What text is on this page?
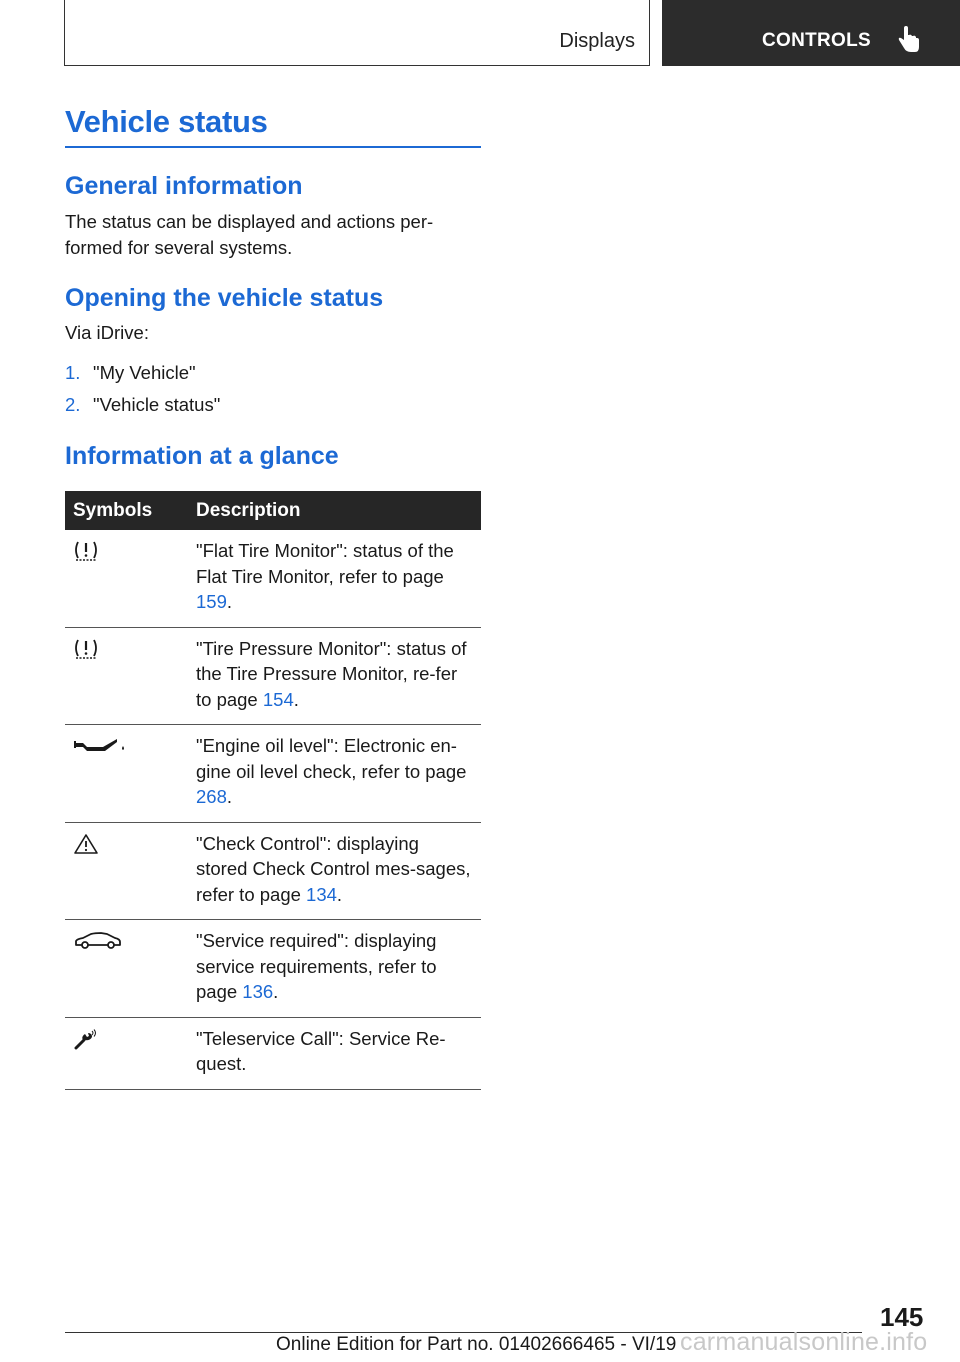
Displays	CONTROLS
Vehicle status
General information

The status can be displayed and actions per-formed for several systems.

Opening the vehicle status

Via iDrive:

1. "My Vehicle"
2. "Vehicle status"
Information at a glance
Symbols	Description

	"Flat Tire Monitor": status of the Flat Tire Monitor, refer to page 159.

	"Tire Pressure Monitor": status of the Tire Pressure Monitor, re-fer to page 154.

	"Engine oil level": Electronic en-gine oil level check, refer to page 268.

	"Check Control": displaying stored Check Control mes-sages, refer to page 134.

	"Service required": displaying service requirements, refer to page 136.

	"Teleservice Call": Service Re-quest.
145
Online Edition for Part no. 01402666465 - VI/19 carmanualsonline.info
